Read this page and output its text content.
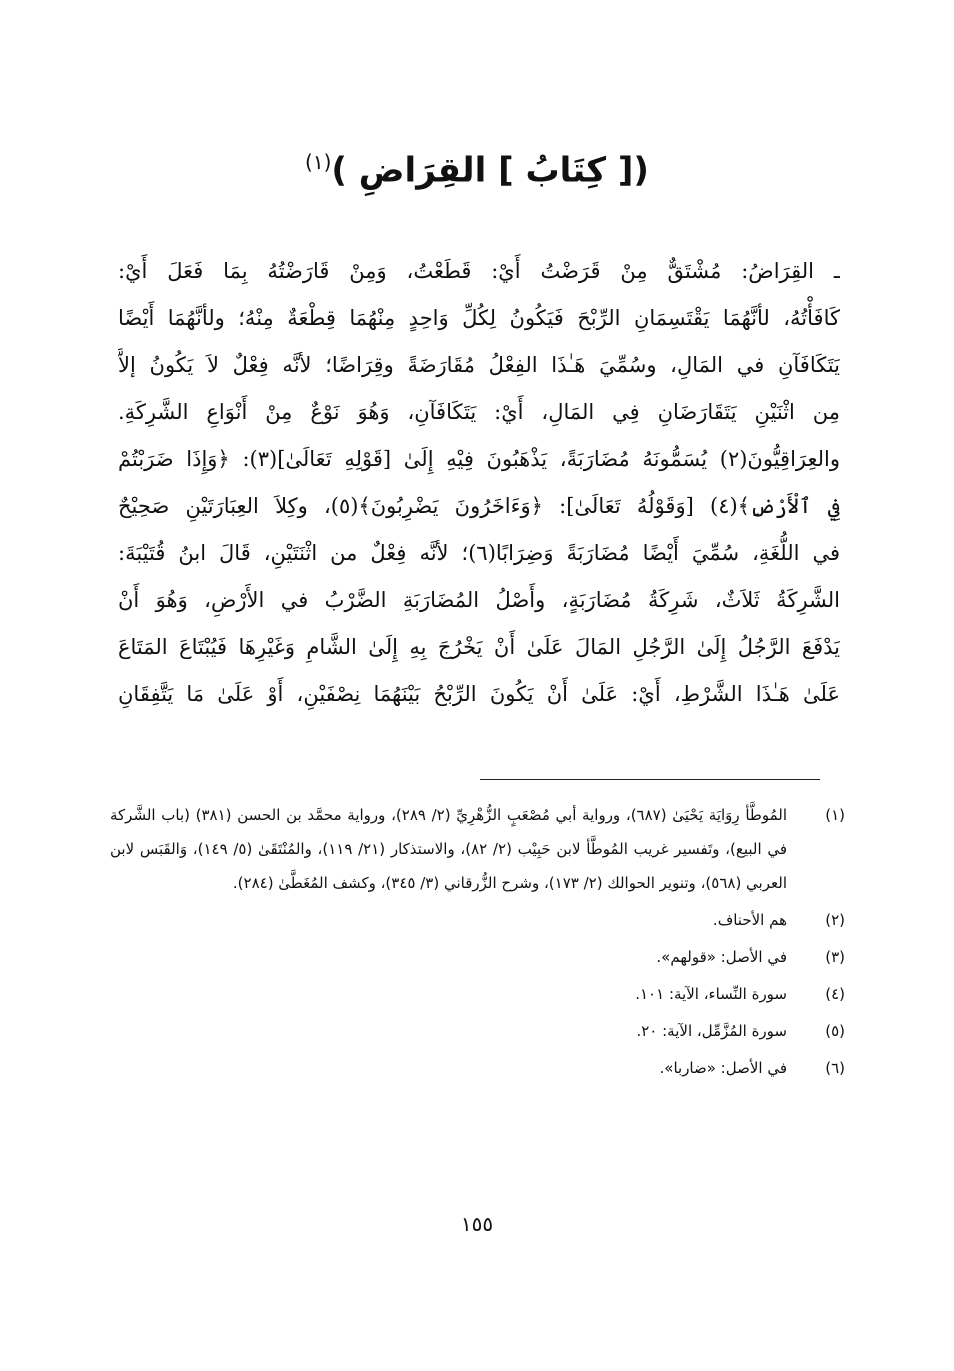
([ كِتَابُ ] القِرَاضِ )$^{(١)}$
ـ القِرَاضُ: مُشْتَقٌّ مِنْ قَرَضْتُ أَيْ: قَطَعْتُ، وَمِنْ قَارَضْتُهُ بِمَا فَعَلَ أَيْ:
كَافَأْتُهُ، لأنَّهُمَا يَقْتَسِمَانِ الرِّبْحَ فَيَكُونُ لِكُلِّ وَاحِدٍ مِنْهُمَا قِطْعَةٌ مِنْهُ؛ ولأنَّهُمَا أَيْضًا
يَتَكَافَآنِ في المَالِ، وسُمِّيَ هَـٰذَا الفِعْلُ مُقَارَضَةً وقِرَاضًا؛ لأنَّه فِعْلٌ لاَ يَكُونُ إلاَّ
مِن اثْنَيْنِ يَتَقَارَضَانِ فِي المَالِ، أَيْ: يَتَكَافَآنِ، وَهُوَ نَوْعٌ مِنْ أَنْوَاعِ الشَّرِكَةِ.
والعِرَاقِيُّونَ(٢) يُسَمُّونَهُ مُضَارَبَةً، يَذْهَبُونَ فِيْهِ إِلَىٰ [قَوْلِهِ تَعَالَىٰ](٣): ﴿وَإِذَا ضَرَبْتُمْ
فِي ٱلْأَرْضِ﴾(٤) [وَقَوْلُهُ تَعَالَىٰ]: ﴿وَءَاخَرُونَ يَضْرِبُونَ﴾(٥)، وكِلاَ العِبَارَتَيْنِ صَحِيْحٌ
في اللُّغَةِ، سُمِّيَ أَيْضًا مُضَارَبَةً وَضِرَابًا(٦)؛ لأنَّه فِعْلٌ من اثْنَتَيْنِ، قَالَ ابنُ قُتَيْبَةَ:
الشَّرِكَةُ ثَلاَثٌ، شَرِكَةُ مُضَارَبَةٍ، وأَصْلُ المُضَارَبَةِ الضَّرْبُ في الأَرْضِ، وَهُوَ أَنْ
يَدْفَعَ الرَّجُلُ إِلَىٰ الرَّجُلِ المَالَ عَلَىٰ أَنْ يَخْرُجَ بِهِ إِلَىٰ الشَّامِ وَغَيْرِهَا فَيُبْتَاعَ المَتَاعَ
عَلَىٰ هَـٰذَا الشَّرْطِ، أَيْ: عَلَىٰ أَنْ يَكُونَ الرِّبْحُ بَيْنَهُمَا نِصْفَيْنِ، أَوْ عَلَىٰ مَا يَتَّفِقَانِ
(١)
المُوطَّأ رِوَايَة يَحْيَىٰ (٦٨٧)، ورواية أبي مُصْعَبٍ الزُّهْرِيِّ (٢/ ٢٨٩)، ورواية محمَّد بن الحسن (٣٨١) (باب الشَّركة في البيع)، وتَفسير غريب المُوطَّأ لابن حَبِيْب (٢/ ٨٢)، والاستذكار (٢١/ ١١٩)، والمُنْتَقَىٰ (٥/ ١٤٩)، وَالقَبَس لابن العربي (٥٦٨)، وتنوير الحوالك (٢/ ١٧٣)، وشرح الزُّرقاني (٣/ ٣٤٥)، وكشف المُغَطَّىٰ (٢٨٤).
(٢)
هم الأحناف.
(٣)
في الأصل: «قولهم».
(٤)
سورة النِّساء، الآية: ١٠١.
(٥)
سورة المُزَّمِّل، الآية: ٢٠.
(٦)
في الأصل: «ضاربا».
١٥٥
